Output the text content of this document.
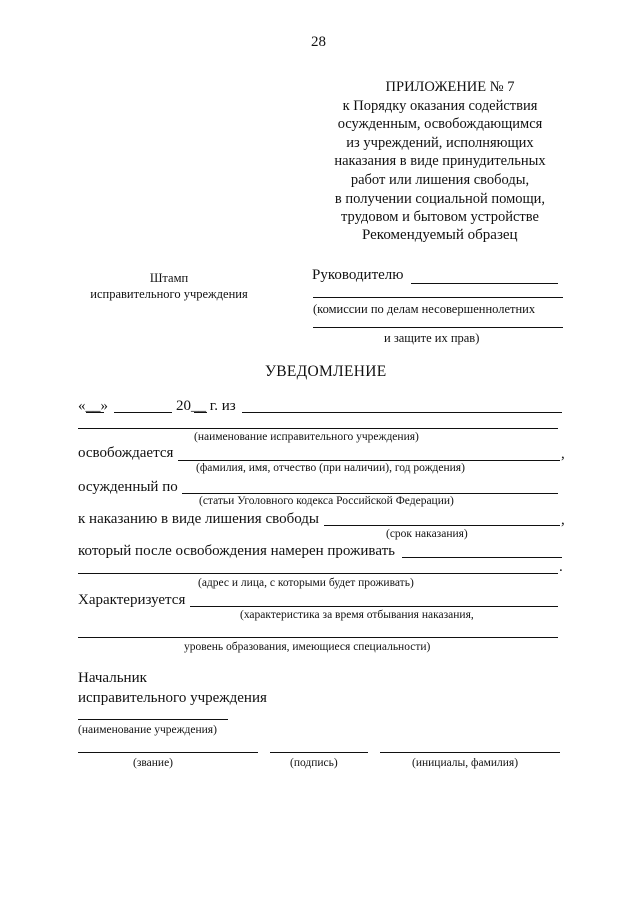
28
ПРИЛОЖЕНИЕ № 7
к Порядку оказания содействия
осужденным, освобождающимся
из учреждений, исполняющих
наказания в виде принудительных
работ или лишения свободы,
в получении социальной помощи,
трудовом и бытовом устройстве
Рекомендуемый образец
Штамп
исправительного учреждения
Руководителю
(комиссии по делам несовершеннолетних
и защите их прав)
УВЕДОМЛЕНИЕ
«__»	20__ г. из
(наименование исправительного учреждения)
освобождается	,
(фамилия, имя, отчество (при наличии), год рождения)
осужденный по
(статьи Уголовного кодекса Российской Федерации)
к наказанию в виде лишения свободы	,
(срок наказания)
который после освобождения намерен проживать
.
(адрес и лица, с которыми будет проживать)
Характеризуется
(характеристика за время отбывания наказания,
уровень образования, имеющиеся специальности)
Начальник
исправительного учреждения
(наименование учреждения)
(звание)	(подпись)	(инициалы, фамилия)
